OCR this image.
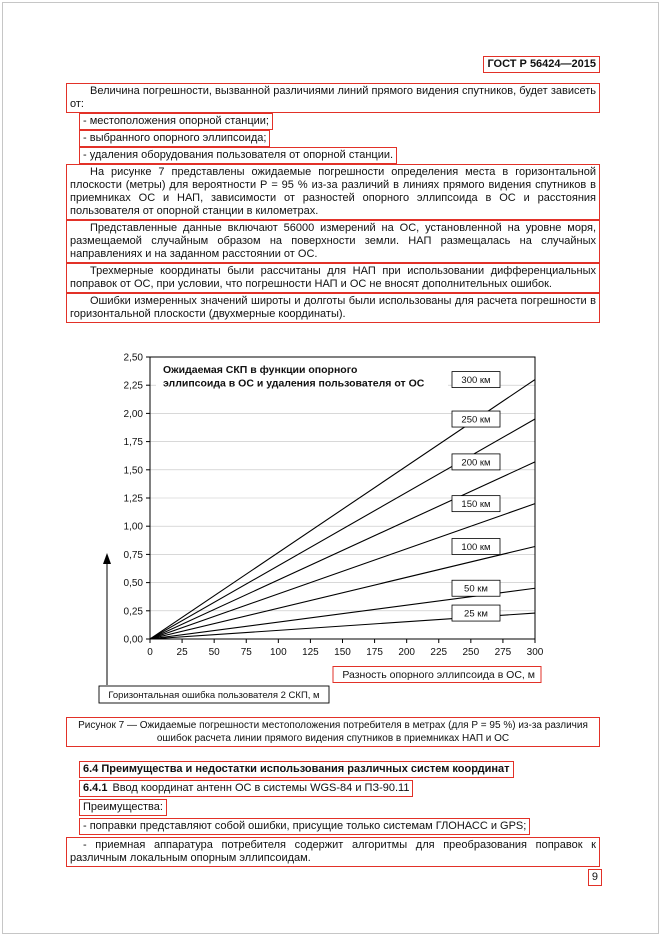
ГОСТ Р 56424—2015
Величина погрешности, вызванной различиями линий прямого видения спутников, будет зависеть от:
- местоположения опорной станции;
- выбранного опорного эллипсоида;
- удаления оборудования пользователя от опорной станции.
На рисунке 7 представлены ожидаемые погрешности определения места в горизонтальной плоскости (метры) для вероятности Р = 95 % из-за различий в линиях прямого видения спутников в приемниках ОС и НАП, зависимости от разностей опорного эллипсоида в ОС и расстояния пользователя от опорной станции в километрах.
Представленные данные включают 56000 измерений на ОС, установленной на уровне моря, размещаемой случайным образом на поверхности земли. НАП размещалась на случайных направлениях и на заданном расстоянии от ОС.
Трехмерные координаты были рассчитаны для НАП при использовании дифференциальных поправок от ОС, при условии, что погрешности НАП и ОС не вносят дополнительных ошибок.
Ошибки измеренных значений широты и долготы были использованы для расчета погрешности в горизонтальной плоскости (двухмерные координаты).
0,00
0,25
0,50
0,75
1,00
1,25
1,50
1,75
2,00
2,25
2,50
0 25 50 75 100 125 150 175 200 225 250 275 300
Ожидаемая СКП в функции опорного
эллипсоида в ОС и удаления пользователя от ОС	300 км
250 км
200 км
150 км
100 км
50 км
25 км
Разность опорного эллипсоида в ОС, м
Горизонтальная ошибка пользователя 2 СКП, м
Рисунок 7 — Ожидаемые погрешности местоположения потребителя в метрах (для Р = 95 %) из-за различия ошибок расчета линии прямого видения спутников в приемниках НАП и ОС
6.4 Преимущества и недостатки использования различных систем координат
6.4.1 Ввод координат антенн ОС в системы WGS-84 и ПЗ-90.11
Преимущества:
- поправки представляют собой ошибки, присущие только системам ГЛОНАСС и GPS;
- приемная аппаратура потребителя содержит алгоритмы для преобразования поправок к различным локальным опорным эллипсоидам.
9
